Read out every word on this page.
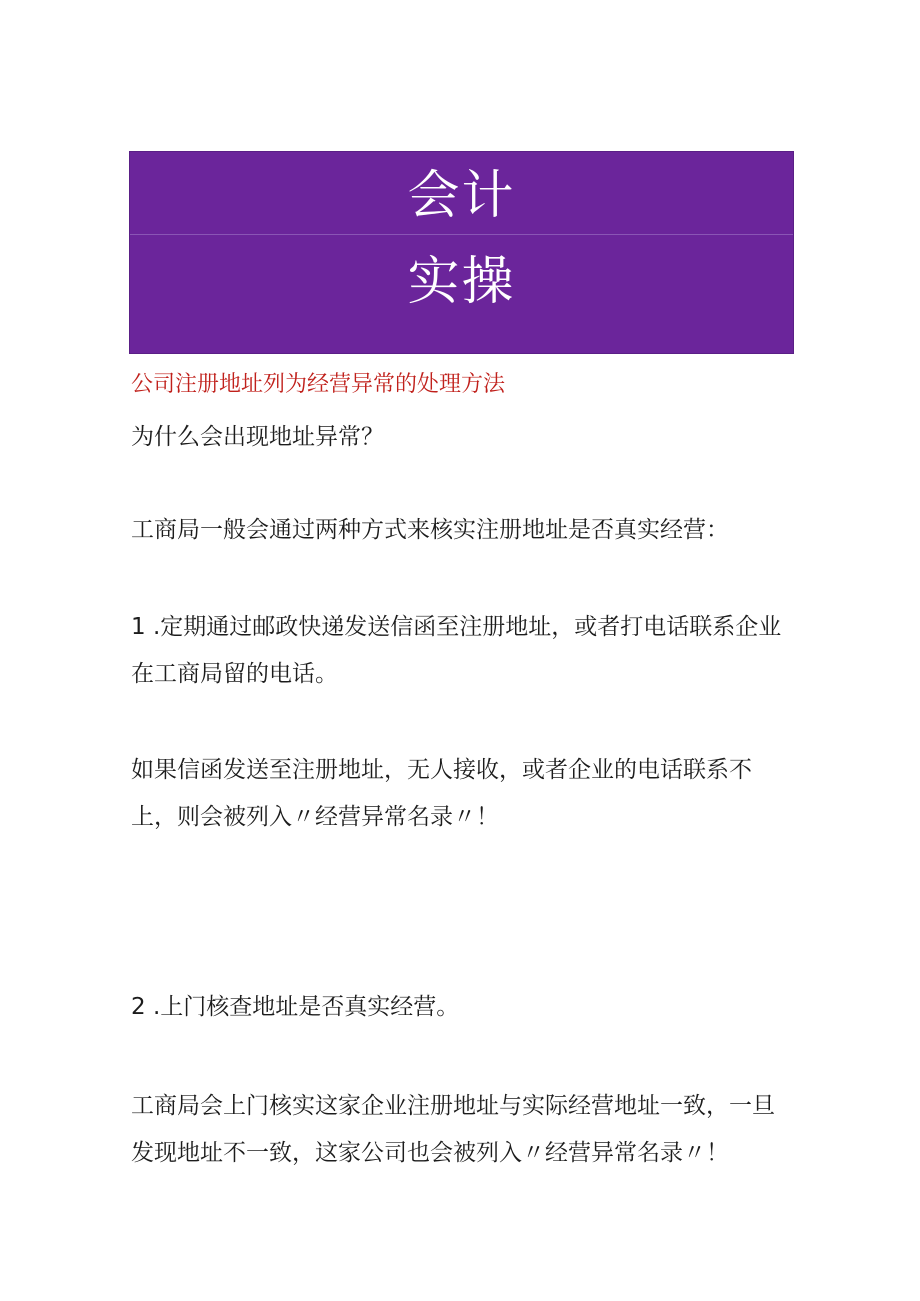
会计
实操
公司注册地址列为经营异常的处理方法
为什么会出现地址异常？
工商局一般会通过两种方式来核实注册地址是否真实经营：
1 .定期通过邮政快递发送信函至注册地址，或者打电话联系企业
在工商局留的电话。
如果信函发送至注册地址，无人接收，或者企业的电话联系不
上，则会被列入〃经营异常名录〃！
2 .上门核查地址是否真实经营。
工商局会上门核实这家企业注册地址与实际经营地址一致，一旦
发现地址不一致，这家公司也会被列入〃经营异常名录〃！
